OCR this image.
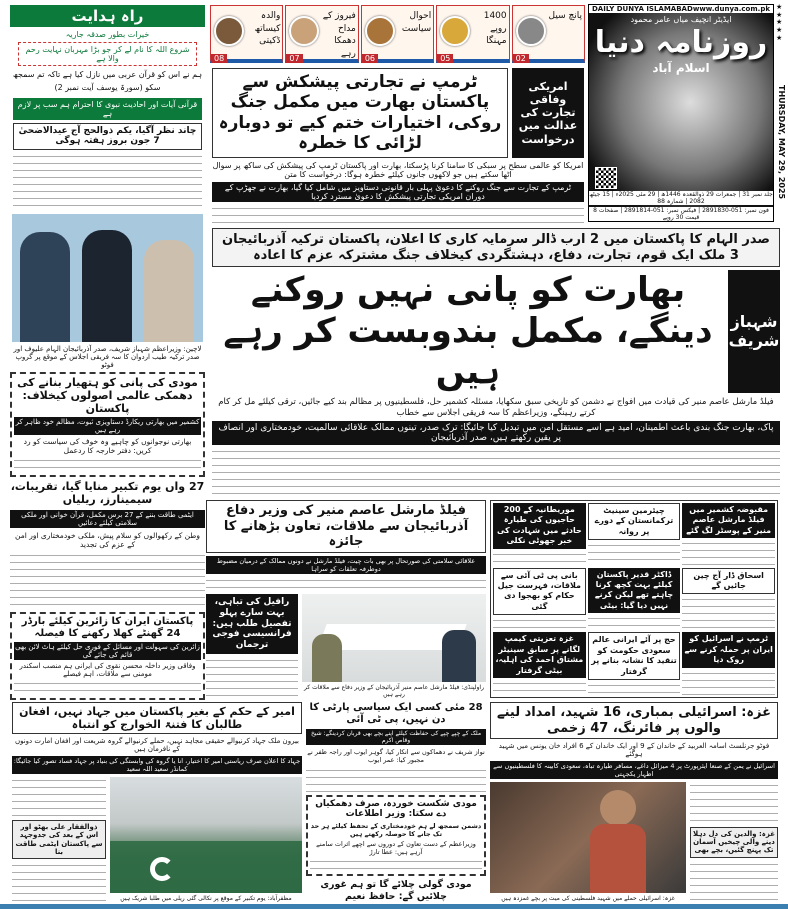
راہ ہدایت
خیرات بطور صدقہ جاریہ
شروع اللہ کا نام لے کر جو بڑا مہربان نہایت رحم والا ہے
ہم نے اس کو قرآن عربی میں نازل کیا ہے تاکہ تم سمجھ سکو (سورۃ یوسف آیت نمبر 2)
قرآنی آیات اور احادیث نبوی کا احترام ہم سب پر لازم ہے
چاند نظر آگیا، یکم ذوالحج آج عیدالاضحیٰ 7 جون بروز ہفتہ ہوگی
لاچین: وزیراعظم شہباز شریف، صدر آذربائیجان الہام علیوف اور صدر ترکیہ طیب اردوان کا سہ فریقی اجلاس کے موقع پر گروپ فوٹو
مودی کی پانی کو ہتھیار بنانے کی دھمکی عالمی اصولوں کیخلاف: پاکستان
کشمیر میں بھارتی ریکارڈ دستاویزی ثبوت، مظالم خود ظاہر کر رہے ہیں
بھارتی نوجوانوں کو چاہیے وہ خوف کی سیاست کو رد کریں: دفتر خارجہ کا ردعمل
27 واں یوم تکبیر منایا گیا، تقریبات، سیمینارز، ریلیاں
ایٹمی طاقت بننے کے 27 برس مکمل، قرآن خوانی اور ملکی سلامتی کیلئے دعائیں
وطن کے رکھوالوں کو سلام پیش، ملکی خودمختاری اور امن کے عزم کی تجدید
پاکستان ایران کا زائرین کیلئے بارڈر 24 گھنٹے کھلا رکھنے کا فیصلہ
زائرین کی سہولت اور مسائل کے فوری حل کیلئے ہاٹ لائن بھی قائم کی جائے گی
وفاقی وزیر داخلہ محسن نقوی کی ایرانی ہم منصب اسکندر مومنی سے ملاقات، اہم فیصلے
والدہ کیساتھ ڈکیتی
08
فیروز کے مداح دھمکا رہے
07
احوال سیاست
06
1400 روپے مہنگا
05
پانچ سیل
02
DAILY DUNYA ISLAMABAD www.dunya.com.pk
ایڈیٹر انچیف میاں عامر محمود
روزنامہ دنیا
اسلام آباد
جلد نمبر 31 | جمعرات 29 ذوالقعدہ 1446ھ | 29 مئی 2025ء | 15 جیٹھ 2082 | شمارہ 88
فون نمبر: 051-2891830 | فیکس نمبر: 051-2891814 | صفحات 8 قیمت 30 روپے
★★★★★
THURSDAY, MAY 29, 2025
ٹرمپ نے تجارتی پیشکش سے پاکستان بھارت میں مکمل جنگ روکی، اختیارات ختم کیے تو دوبارہ لڑائی کا خطرہ
امریکی وفاقی تجارت کی عدالت میں درخواست
امریکا کو عالمی سطح پر سبکی کا سامنا کرنا پڑسکتا، بھارت اور پاکستان ٹرمپ کی پیشکش کی ساکھ پر سوال اٹھا سکتے ہیں جو لاکھوں جانوں کیلئے خطرہ ہوگا: درخواست کا متن
ٹرمپ کے تجارت سے جنگ روکنے کا دعویٰ پہلی بار قانونی دستاویز میں شامل کیا گیا، بھارت نے جھڑپ کے دوران امریکی تجارتی پیشکش کا دعویٰ مسترد کردیا
صدر الہام کا پاکستان میں 2 ارب ڈالر سرمایہ کاری کا اعلان، پاکستان ترکیہ آذربائیجان 3 ملک ایک قوم، تجارت، دفاع، دہشتگردی کیخلاف جنگ مشترکہ عزم کا اعادہ
بھارت کو پانی نہیں روکنے دینگے، مکمل بندوبست کر رہے ہیں
شہباز شریف
فیلڈ مارشل عاصم منیر کی قیادت میں افواج نے دشمن کو تاریخی سبق سکھایا، مسئلہ کشمیر حل، فلسطینیوں پر مظالم بند کیے جائیں، ترقی کیلئے مل کر کام کرتے رہینگے، وزیراعظم کا سہ فریقی اجلاس سے خطاب
پاک، بھارت جنگ بندی باعث اطمینان، امید ہے اسے مستقل امن میں تبدیل کیا جائیگا: ترک صدر، تینوں ممالک علاقائی سالمیت، خودمختاری اور انصاف پر یقین رکھتے ہیں، صدر آذربائیجان
فیلڈ مارشل عاصم منیر کی وزیر دفاع آذربائیجان سے ملاقات، تعاون بڑھانے کا جائزہ
علاقائی سلامتی کی صورتحال پر بھی بات چیت، فیلڈ مارشل نے دونوں ممالک کے درمیان مضبوط دوطرفہ تعلقات کو سراہا
رافیل کی تباہی، بہت سارے پہلو تفصیل طلب ہیں: فرانسیسی فوجی ترجمان
راولپنڈی: فیلڈ مارشل عاصم منیر آذربائیجان کے وزیر دفاع سے ملاقات کر رہے ہیں
مقبوضہ کشمیر میں فیلڈ مارشل عاصم منیر کے پوسٹر لگ گئے
چیئرمین سینیٹ ترکمانستان کے دورے پر روانہ
موریطانیہ کے 200 حاجیوں کی طیارہ حادثے میں شہادت کی خبر جھوٹی نکلی
اسحاق ڈار آج چین جائیں گے
ڈاکٹر قدیر پاکستان کیلئے بہت کچھ کرنا چاہتے تھے لیکن کرنے نہیں دیا گیا: بیٹی
بانی پی ٹی آئی سے ملاقات، فہرست جیل حکام کو بھجوا دی گئی
ٹرمپ نے اسرائیل کو ایران پر حملہ کرنے سے روک دیا
حج پر آئے ایرانی عالم سعودی حکومت کو تنقید کا نشانہ بنانے پر گرفتار
غزہ تعزیتی کیمپ لگانے پر سابق سینیٹر مشتاق احمد کی اہلیہ، بیٹی گرفتار
امیر کے حکم کے بغیر پاکستان میں جہاد نہیں، افغان طالبان کا فتنۃ الخوارج کو انتباہ
بیرون ملک جہاد کرنیوالے حقیقی مجاہد نہیں، حملے کرنیوالے گروہ شریعت اور افغان امارت دونوں کے نافرمان ہیں
جہاد کا اعلان صرف ریاستی امیر کا اختیار، انا یا گروہ کی وابستگی کی بنیاد پر جہاد فساد تصور کیا جائیگا: کمانڈر سعید اللہ سعید
ذوالفقار علی بھٹو اور اس کے بعد کی جدوجہد سے پاکستان ایٹمی طاقت بنا
مظفرآباد: یوم تکبیر کے موقع پر نکالی گئی ریلی میں طلبا شریک ہیں
28 مئی کسی ایک سیاسی پارٹی کا دن نہیں، پی ٹی آئی
ملک کے چپے چپے کی حفاظت کیلئے اپنے بچے بھی قربان کردینگے: شیخ وقاص اکرم
نواز شریف نے دھماکوں سے انکار کیا، گوہر ایوب اور راجہ ظفر نے مجبور کیا: عمر ایوب
مودی شکست خوردہ، صرف دھمکیاں دے سکتا: وزیر اطلاعات
دشمن سمجھ لے ہم خودمختاری کے تحفظ کیلئے ہر حد تک جانے کا حوصلہ رکھتے ہیں
وزیراعظم کے دست تعاون کے دوروں سے اچھے اثرات سامنے آرہے ہیں: عطا تارڑ
مودی گولی چلائے گا تو ہم غوری چلائیں گے: حافظ نعیم
غزہ: اسرائیلی بمباری، 16 شہید، امداد لینے والوں پر فائرنگ، 47 زخمی
فوٹو جرنلسٹ اسامہ العربید کے خاندان کے 9 اور ایک خاندان کے 6 افراد خان یونس میں شہید ہوگئے
اسرائیل نے یمن کے صنعا ایئرپورٹ پر 4 میزائل داغے، مسافر طیارہ تباہ، سعودی کابینہ کا فلسطینیوں سے اظہار یکجہتی
غزہ: اسرائیلی حملے میں شہید فلسطینی کی میت پر بچے غمزدہ ہیں
غزہ: والدین کی دل دہلا دینے والی چیخیں آسمان تک پہنچ گئیں، بچے بھی
